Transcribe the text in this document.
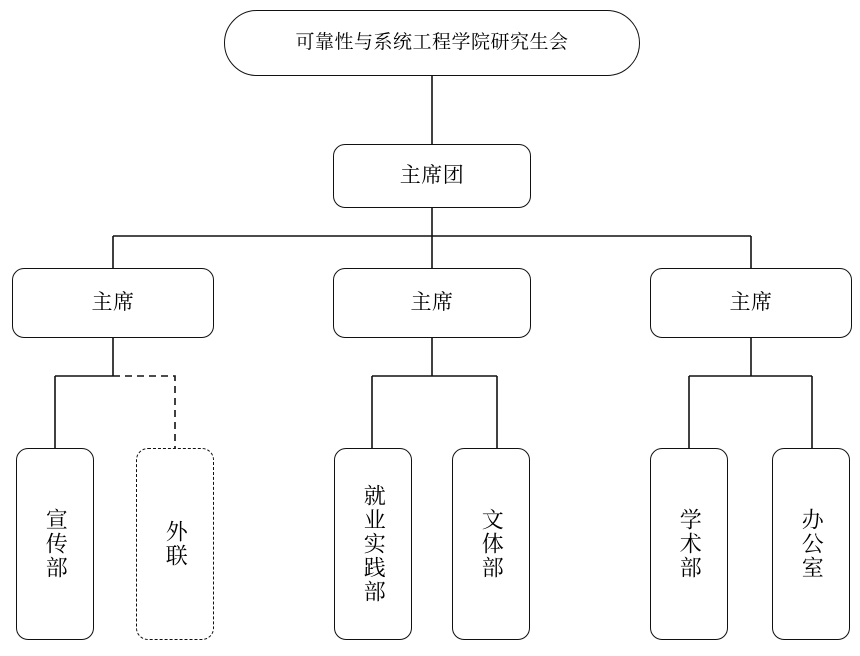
可靠性与系统工程学院研究生会
主席团
主席	主席	主席
宣传部	外联	就业实践部	文体部	学术部	办公室
